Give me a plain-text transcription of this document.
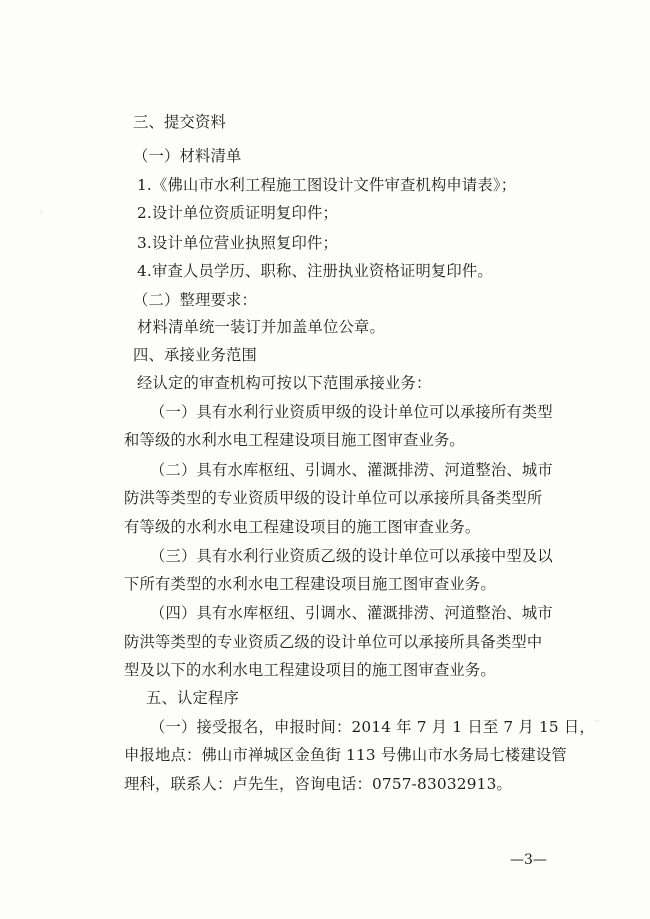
三、提交资料
（一）材料清单
1.《佛山市水利工程施工图设计文件审查机构申请表》；
2.设计单位资质证明复印件；
3.设计单位营业执照复印件；
4.审查人员学历、职称、注册执业资格证明复印件。
（二）整理要求：
材料清单统一装订并加盖单位公章。
四、承接业务范围
经认定的审查机构可按以下范围承接业务：
（一）具有水利行业资质甲级的设计单位可以承接所有类型
和等级的水利水电工程建设项目施工图审查业务。
（二）具有水库枢纽、引调水、灌溉排涝、河道整治、城市
防洪等类型的专业资质甲级的设计单位可以承接所具备类型所
有等级的水利水电工程建设项目的施工图审查业务。
（三）具有水利行业资质乙级的设计单位可以承接中型及以
下所有类型的水利水电工程建设项目施工图审查业务。
（四）具有水库枢纽、引调水、灌溉排涝、河道整治、城市
防洪等类型的专业资质乙级的设计单位可以承接所具备类型中
型及以下的水利水电工程建设项目的施工图审查业务。
五、认定程序
（一）接受报名，申报时间：2014 年 7 月 1 日至 7 月 15 日，
申报地点：佛山市禅城区金鱼街 113 号佛山市水务局七楼建设管
理科，联系人：卢先生，咨询电话：0757-83032913。
—3—
